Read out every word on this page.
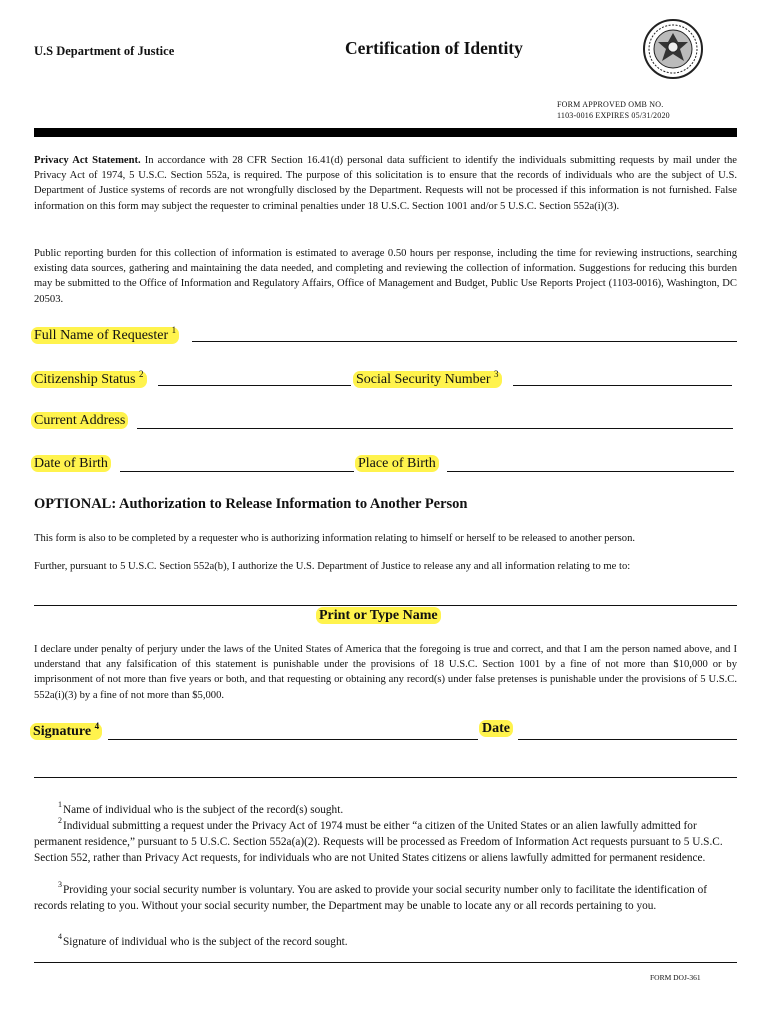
U.S Department of Justice	Certification of Identity
FORM APPROVED OMB NO.
1103-0016 EXPIRES 05/31/2020
Privacy Act Statement. In accordance with 28 CFR Section 16.41(d) personal data sufficient to identify the individuals submitting requests by mail under the Privacy Act of 1974, 5 U.S.C. Section 552a, is required. The purpose of this solicitation is to ensure that the records of individuals who are the subject of U.S. Department of Justice systems of records are not wrongfully disclosed by the Department. Requests will not be processed if this information is not furnished. False information on this form may subject the requester to criminal penalties under 18 U.S.C. Section 1001 and/or 5 U.S.C. Section 552a(i)(3).
Public reporting burden for this collection of information is estimated to average 0.50 hours per response, including the time for reviewing instructions, searching existing data sources, gathering and maintaining the data needed, and completing and reviewing the collection of information. Suggestions for reducing this burden may be submitted to the Office of Information and Regulatory Affairs, Office of Management and Budget, Public Use Reports Project (1103-0016), Washington, DC 20503.
Full Name of Requester $^1$
Citizenship Status $^2$	Social Security Number $^3$
Current Address
Date of Birth	Place of Birth
OPTIONAL: Authorization to Release Information to Another Person
This form is also to be completed by a requester who is authorizing information relating to himself or herself to be released to another person.
Further, pursuant to 5 U.S.C. Section 552a(b), I authorize the U.S. Department of Justice to release any and all information relating to me to:
Print or Type Name
I declare under penalty of perjury under the laws of the United States of America that the foregoing is true and correct, and that I am the person named above, and I understand that any falsification of this statement is punishable under the provisions of 18 U.S.C. Section 1001 by a fine of not more than $10,000 or by imprisonment of not more than five years or both, and that requesting or obtaining any record(s) under false pretenses is punishable under the provisions of 5 U.S.C. 552a(i)(3) by a fine of not more than $5,000.
Signature $^4$	Date
$^1$Name of individual who is the subject of the record(s) sought.
$^2$Individual submitting a request under the Privacy Act of 1974 must be either “a citizen of the United States or an alien lawfully admitted for permanent residence,” pursuant to 5 U.S.C. Section 552a(a)(2). Requests will be processed as Freedom of Information Act requests pursuant to 5 U.S.C. Section 552, rather than Privacy Act requests, for individuals who are not United States citizens or aliens lawfully admitted for permanent residence.
$^3$Providing your social security number is voluntary. You are asked to provide your social security number only to facilitate the identification of records relating to you. Without your social security number, the Department may be unable to locate any or all records pertaining to you.
$^4$Signature of individual who is the subject of the record sought.
FORM DOJ-361
